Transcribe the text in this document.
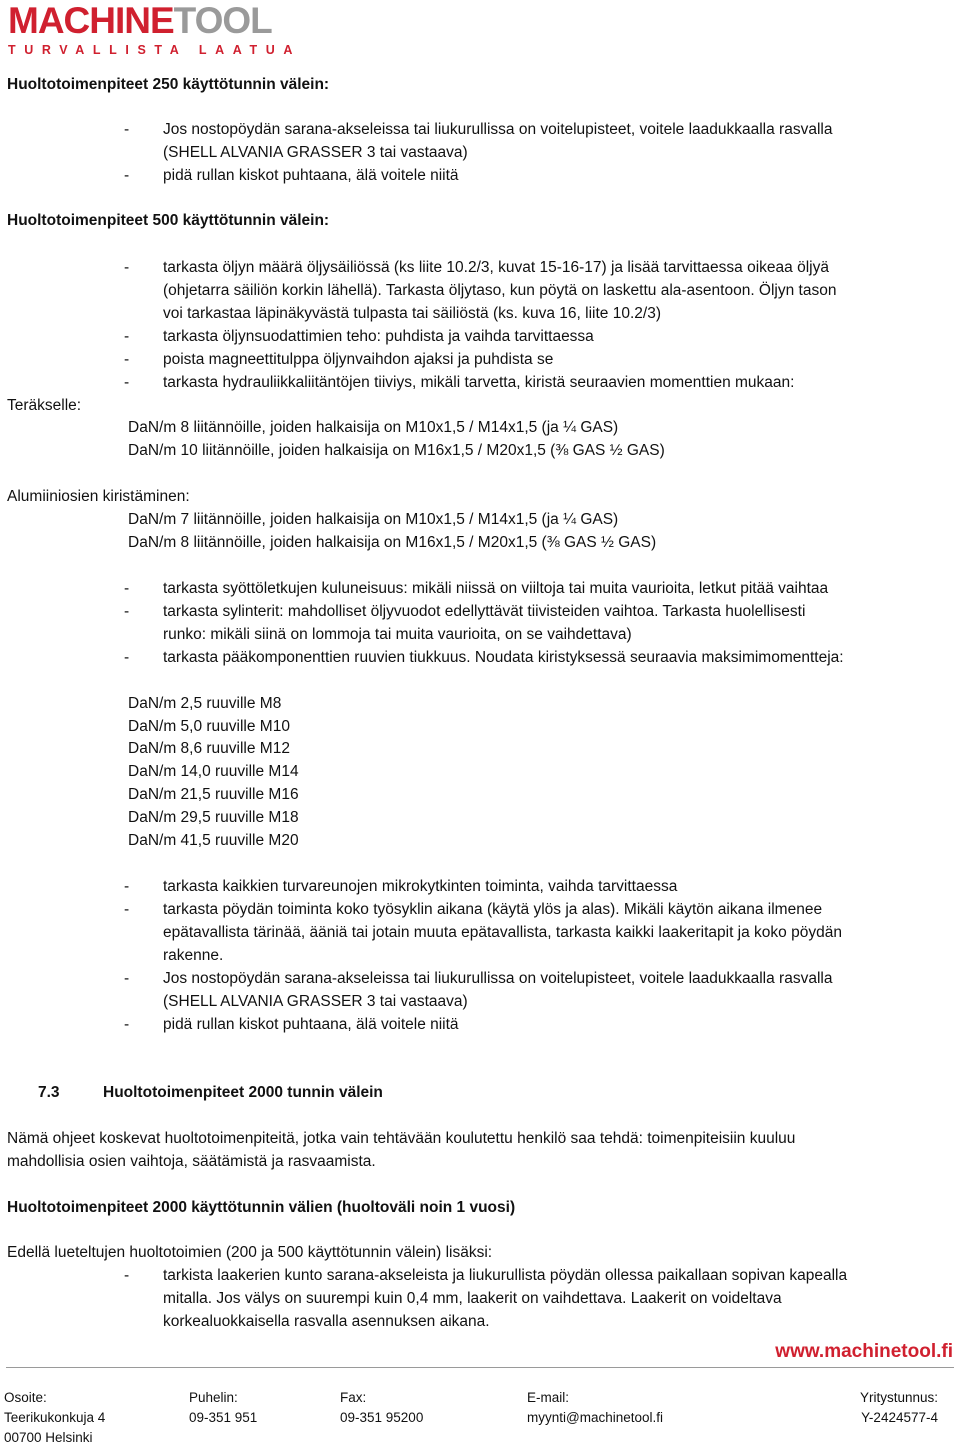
MACHINETOOL
TURVALLISTA LAATUA
Huoltotoimenpiteet 250 käyttötunnin välein:
- Jos nostopöydän sarana-akseleissa tai liukurullissa on voitelupisteet, voitele laadukkaalla rasvalla
(SHELL ALVANIA GRASSER 3 tai vastaava)
- pidä rullan kiskot puhtaana, älä voitele niitä
Huoltotoimenpiteet 500 käyttötunnin välein:
- tarkasta öljyn määrä öljysäiliössä (ks liite 10.2/3, kuvat 15-16-17) ja lisää tarvittaessa oikeaa öljyä
(ohjetarra säiliön korkin lähellä). Tarkasta öljytaso, kun pöytä on laskettu ala-asentoon. Öljyn tason
voi tarkastaa läpinäkyvästä tulpasta tai säiliöstä (ks. kuva 16, liite 10.2/3)
- tarkasta öljynsuodattimien teho: puhdista ja vaihda tarvittaessa
- poista magneettitulppa öljynvaihdon ajaksi ja puhdista se
- tarkasta hydrauliikkaliitäntöjen tiiviys, mikäli tarvetta, kiristä seuraavien momenttien mukaan:
Teräkselle:
DaN/m 8 liitännöille, joiden halkaisija on M10x1,5 / M14x1,5 (ja ¼ GAS)
DaN/m 10 liitännöille, joiden halkaisija on M16x1,5 / M20x1,5 (⅜ GAS ½ GAS)
Alumiiniosien kiristäminen:
DaN/m 7 liitännöille, joiden halkaisija on M10x1,5 / M14x1,5 (ja ¼ GAS)
DaN/m 8 liitännöille, joiden halkaisija on M16x1,5 / M20x1,5 (⅜ GAS ½ GAS)
- tarkasta syöttöletkujen kuluneisuus: mikäli niissä on viiltoja tai muita vaurioita, letkut pitää vaihtaa
- tarkasta sylinterit: mahdolliset öljyvuodot edellyttävät tiivisteiden vaihtoa. Tarkasta huolellisesti
runko: mikäli siinä on lommoja tai muita vaurioita, on se vaihdettava)
- tarkasta pääkomponenttien ruuvien tiukkuus. Noudata kiristyksessä seuraavia maksimimomentteja:
DaN/m 2,5 ruuville M8
DaN/m 5,0 ruuville M10
DaN/m 8,6 ruuville M12
DaN/m 14,0 ruuville M14
DaN/m 21,5 ruuville M16
DaN/m 29,5 ruuville M18
DaN/m 41,5 ruuville M20
- tarkasta kaikkien turvareunojen mikrokytkinten toiminta, vaihda tarvittaessa
- tarkasta pöydän toiminta koko työsyklin aikana (käytä ylös ja alas). Mikäli käytön aikana ilmenee
epätavallista tärinää, ääniä tai jotain muuta epätavallista, tarkasta kaikki laakeritapit ja koko pöydän
rakenne.
- Jos nostopöydän sarana-akseleissa tai liukurullissa on voitelupisteet, voitele laadukkaalla rasvalla
(SHELL ALVANIA GRASSER 3 tai vastaava)
- pidä rullan kiskot puhtaana, älä voitele niitä
7.3	Huoltotoimenpiteet 2000 tunnin välein
Nämä ohjeet koskevat huoltotoimenpiteitä, jotka vain tehtävään koulutettu henkilö saa tehdä: toimenpiteisiin kuuluu
mahdollisia osien vaihtoja, säätämistä ja rasvaamista.
Huoltotoimenpiteet 2000 käyttötunnin välien (huoltoväli noin 1 vuosi)
Edellä lueteltujen huoltotoimien (200 ja 500 käyttötunnin välein) lisäksi:
- tarkista laakerien kunto sarana-akseleista ja liukurullista pöydän ollessa paikallaan sopivan kapealla
mitalla. Jos välys on suurempi kuin 0,4 mm, laakerit on vaihdettava. Laakerit on voideltava
korkealuokkaisella rasvalla asennuksen aikana.
www.machinetool.fi
Osoite:
Teerikukonkuja 4
00700 Helsinki
Puhelin:
09-351 951
Fax:
09-351 95200
E-mail:
myynti@machinetool.fi
Yritystunnus:
Y-2424577-4
